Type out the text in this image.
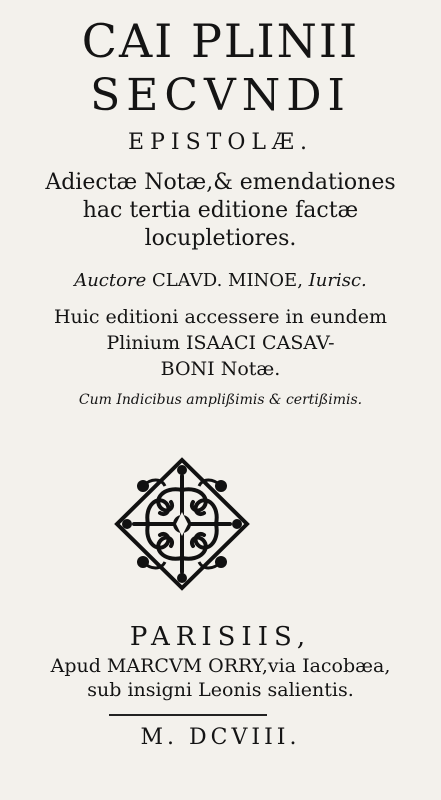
CAI PLINII
SECVNDI
EPISTOLÆ.
Adiectæ Notæ,& emendationes
hac tertia editione factæ
locupletiores.
Auctore CLAVD. MINOE, Iurisc.
Huic editioni accessere in eundem
Plinium ISAACI CASAV-
BONI Notæ.
Cum Indicibus amplißimis & certißimis.
PARISIIS,
Apud MARCVM ORRY,via Iacobæa,
sub insigni Leonis salientis.
M. DCVIII.
